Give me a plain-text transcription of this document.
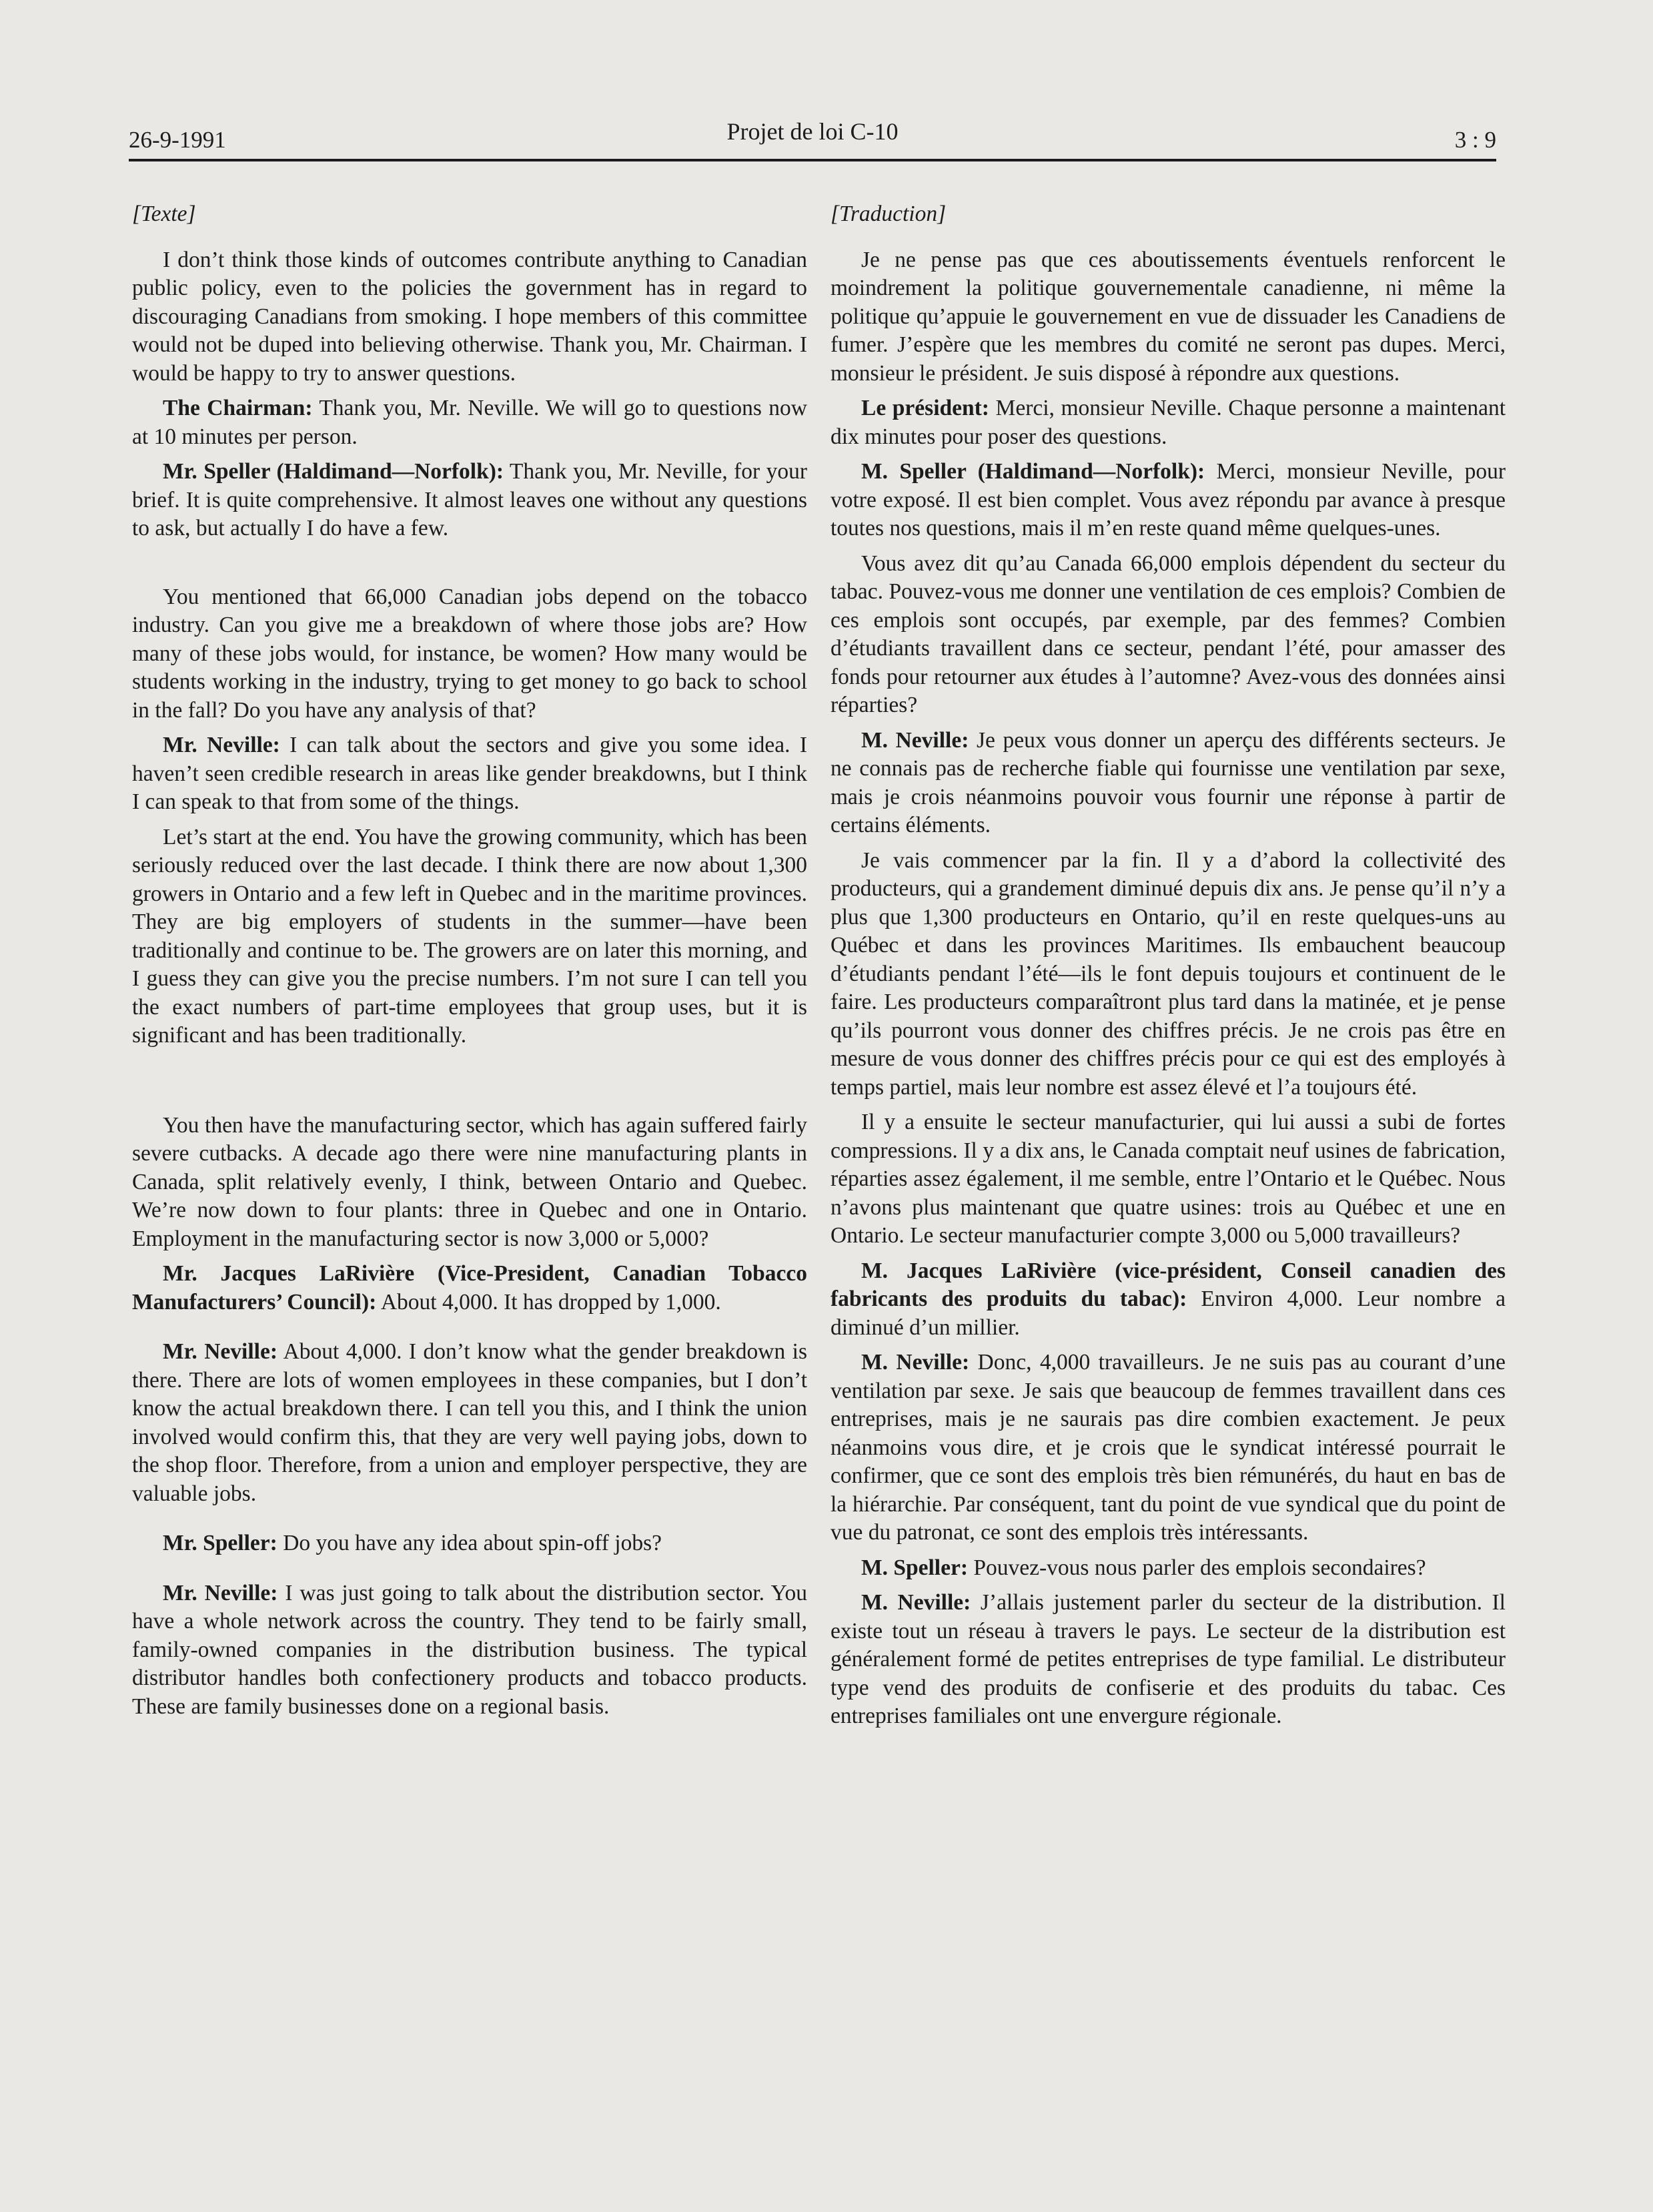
26-9-1991	Projet de loi C-10	3 : 9

[Texte]

I don’t think those kinds of outcomes contribute anything to Canadian public policy, even to the policies the government has in regard to discouraging Canadians from smoking. I hope members of this committee would not be duped into believing otherwise. Thank you, Mr. Chairman. I would be happy to try to answer questions.

The Chairman: Thank you, Mr. Neville. We will go to questions now at 10 minutes per person.

Mr. Speller (Haldimand—Norfolk): Thank you, Mr. Neville, for your brief. It is quite comprehensive. It almost leaves one without any questions to ask, but actually I do have a few.

You mentioned that 66,000 Canadian jobs depend on the tobacco industry. Can you give me a breakdown of where those jobs are? How many of these jobs would, for instance, be women? How many would be students working in the industry, trying to get money to go back to school in the fall? Do you have any analysis of that?

Mr. Neville: I can talk about the sectors and give you some idea. I haven’t seen credible research in areas like gender breakdowns, but I think I can speak to that from some of the things.

Let’s start at the end. You have the growing community, which has been seriously reduced over the last decade. I think there are now about 1,300 growers in Ontario and a few left in Quebec and in the maritime provinces. They are big employers of students in the summer—have been traditionally and continue to be. The growers are on later this morning, and I guess they can give you the precise numbers. I’m not sure I can tell you the exact numbers of part-time employees that group uses, but it is significant and has been traditionally.

You then have the manufacturing sector, which has again suffered fairly severe cutbacks. A decade ago there were nine manufacturing plants in Canada, split relatively evenly, I think, between Ontario and Quebec. We’re now down to four plants: three in Quebec and one in Ontario. Employment in the manufacturing sector is now 3,000 or 5,000?

Mr. Jacques LaRivière (Vice-President, Canadian Tobacco Manufacturers’ Council): About 4,000. It has dropped by 1,000.

Mr. Neville: About 4,000. I don’t know what the gender breakdown is there. There are lots of women employees in these companies, but I don’t know the actual breakdown there. I can tell you this, and I think the union involved would confirm this, that they are very well paying jobs, down to the shop floor. Therefore, from a union and employer perspective, they are valuable jobs.

Mr. Speller: Do you have any idea about spin-off jobs?

Mr. Neville: I was just going to talk about the distribution sector. You have a whole network across the country. They tend to be fairly small, family-owned companies in the distribution business. The typical distributor handles both confectionery products and tobacco products. These are family businesses done on a regional basis.

[Traduction]

Je ne pense pas que ces aboutissements éventuels renforcent le moindrement la politique gouvernementale canadienne, ni même la politique qu’appuie le gouvernement en vue de dissuader les Canadiens de fumer. J’espère que les membres du comité ne seront pas dupes. Merci, monsieur le président. Je suis disposé à répondre aux questions.

Le président: Merci, monsieur Neville. Chaque personne a maintenant dix minutes pour poser des questions.

M. Speller (Haldimand—Norfolk): Merci, monsieur Neville, pour votre exposé. Il est bien complet. Vous avez répondu par avance à presque toutes nos questions, mais il m’en reste quand même quelques-unes.

Vous avez dit qu’au Canada 66,000 emplois dépendent du secteur du tabac. Pouvez-vous me donner une ventilation de ces emplois? Combien de ces emplois sont occupés, par exemple, par des femmes? Combien d’étudiants travaillent dans ce secteur, pendant l’été, pour amasser des fonds pour retourner aux études à l’automne? Avez-vous des données ainsi réparties?

M. Neville: Je peux vous donner un aperçu des différents secteurs. Je ne connais pas de recherche fiable qui fournisse une ventilation par sexe, mais je crois néanmoins pouvoir vous fournir une réponse à partir de certains éléments.

Je vais commencer par la fin. Il y a d’abord la collectivité des producteurs, qui a grandement diminué depuis dix ans. Je pense qu’il n’y a plus que 1,300 producteurs en Ontario, qu’il en reste quelques-uns au Québec et dans les provinces Maritimes. Ils embauchent beaucoup d’étudiants pendant l’été—ils le font depuis toujours et continuent de le faire. Les producteurs comparaîtront plus tard dans la matinée, et je pense qu’ils pourront vous donner des chiffres précis. Je ne crois pas être en mesure de vous donner des chiffres précis pour ce qui est des employés à temps partiel, mais leur nombre est assez élevé et l’a toujours été.

Il y a ensuite le secteur manufacturier, qui lui aussi a subi de fortes compressions. Il y a dix ans, le Canada comptait neuf usines de fabrication, réparties assez également, il me semble, entre l’Ontario et le Québec. Nous n’avons plus maintenant que quatre usines: trois au Québec et une en Ontario. Le secteur manufacturier compte 3,000 ou 5,000 travailleurs?

M. Jacques LaRivière (vice-président, Conseil canadien des fabricants des produits du tabac): Environ 4,000. Leur nombre a diminué d’un millier.

M. Neville: Donc, 4,000 travailleurs. Je ne suis pas au courant d’une ventilation par sexe. Je sais que beaucoup de femmes travaillent dans ces entreprises, mais je ne saurais pas dire combien exactement. Je peux néanmoins vous dire, et je crois que le syndicat intéressé pourrait le confirmer, que ce sont des emplois très bien rémunérés, du haut en bas de la hiérarchie. Par conséquent, tant du point de vue syndical que du point de vue du patronat, ce sont des emplois très intéressants.

M. Speller: Pouvez-vous nous parler des emplois secondaires?

M. Neville: J’allais justement parler du secteur de la distribution. Il existe tout un réseau à travers le pays. Le secteur de la distribution est généralement formé de petites entreprises de type familial. Le distributeur type vend des produits de confiserie et des produits du tabac. Ces entreprises familiales ont une envergure régionale.
